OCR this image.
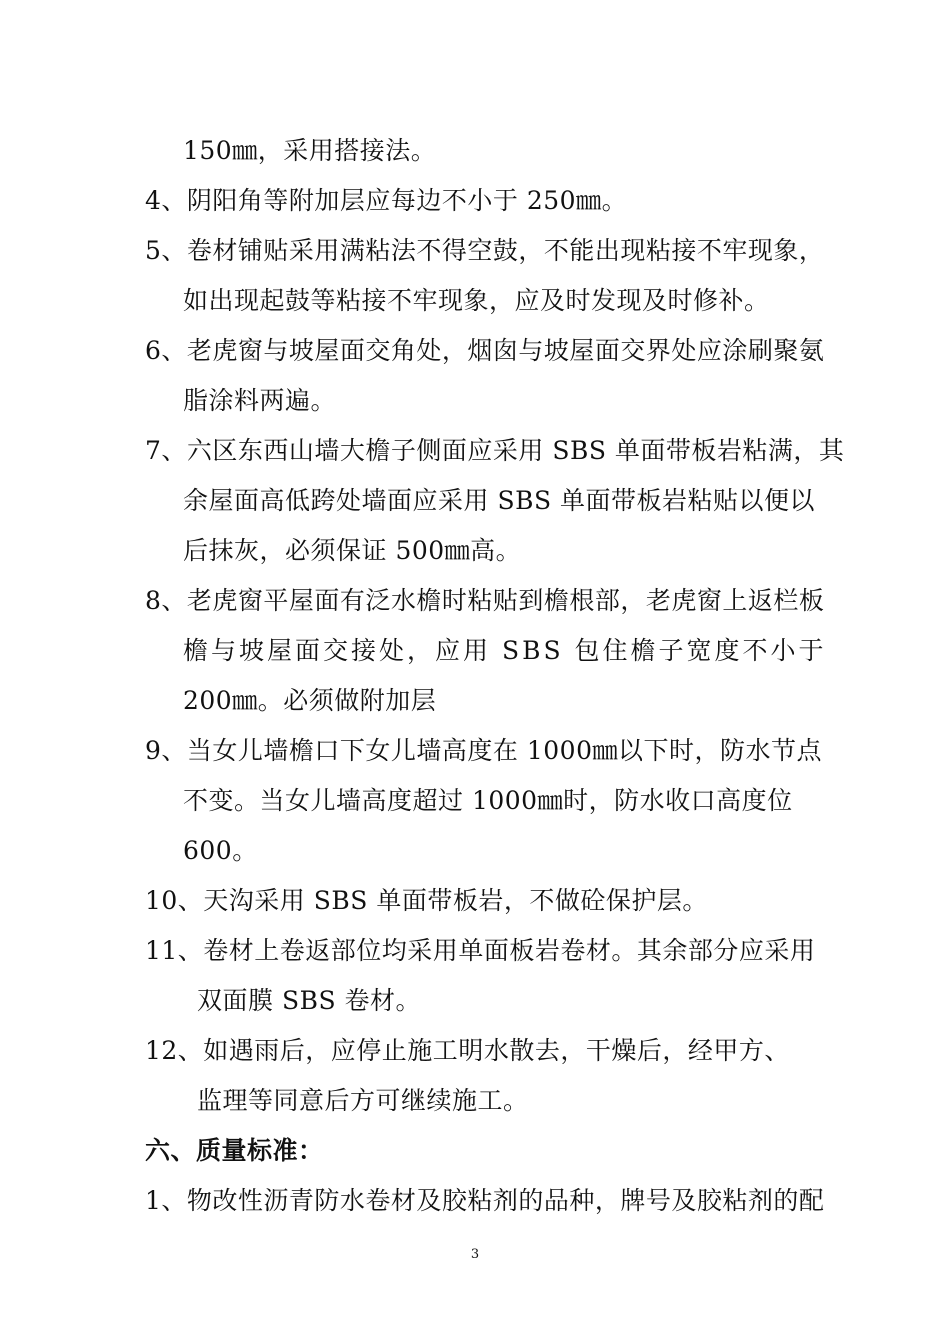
150㎜，采用搭接法。
4、阴阳角等附加层应每边不小于 250㎜。
5、卷材铺贴采用满粘法不得空鼓，不能出现粘接不牢现象，
如出现起鼓等粘接不牢现象，应及时发现及时修补。
6、老虎窗与坡屋面交角处，烟囱与坡屋面交界处应涂刷聚氨
脂涂料两遍。
7、六区东西山墙大檐子侧面应采用 SBS 单面带板岩粘满，其
余屋面高低跨处墙面应采用 SBS 单面带板岩粘贴以便以
后抹灰，必须保证 500㎜高。
8、老虎窗平屋面有泛水檐时粘贴到檐根部，老虎窗上返栏板
檐与坡屋面交接处，应用 SBS 包住檐子宽度不小于
200㎜。必须做附加层
9、当女儿墙檐口下女儿墙高度在 1000㎜以下时，防水节点
不变。当女儿墙高度超过 1000㎜时，防水收口高度位
600。
10、天沟采用 SBS 单面带板岩，不做砼保护层。
11、卷材上卷返部位均采用单面板岩卷材。其余部分应采用
双面膜 SBS 卷材。
12、如遇雨后，应停止施工明水散去，干燥后，经甲方、
监理等同意后方可继续施工。
六、质量标准：
1、物改性沥青防水卷材及胶粘剂的品种，牌号及胶粘剂的配
3
